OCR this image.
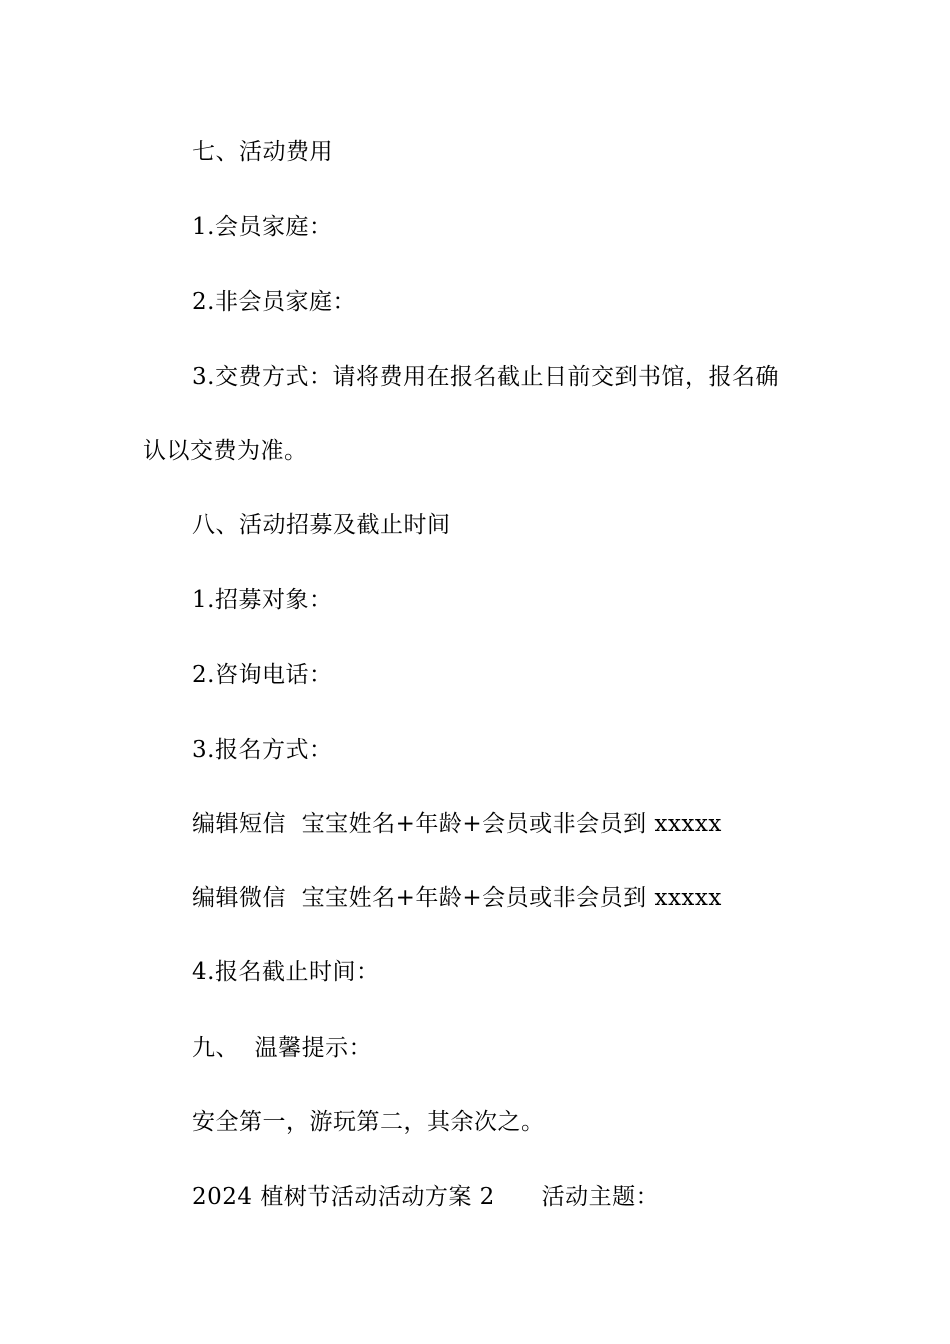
七、活动费用
1.会员家庭：
2.非会员家庭：
3.交费方式：请将费用在报名截止日前交到书馆，报名确
认以交费为准。
八、活动招募及截止时间
1.招募对象：
2.咨询电话：
3.报名方式：
编辑短信  宝宝姓名+年龄+会员或非会员到 xxxxx
编辑微信  宝宝姓名+年龄+会员或非会员到 xxxxx
4.报名截止时间：
九、  温馨提示：
安全第一，游玩第二，其余次之。
2024 植树节活动活动方案 2      活动主题：
